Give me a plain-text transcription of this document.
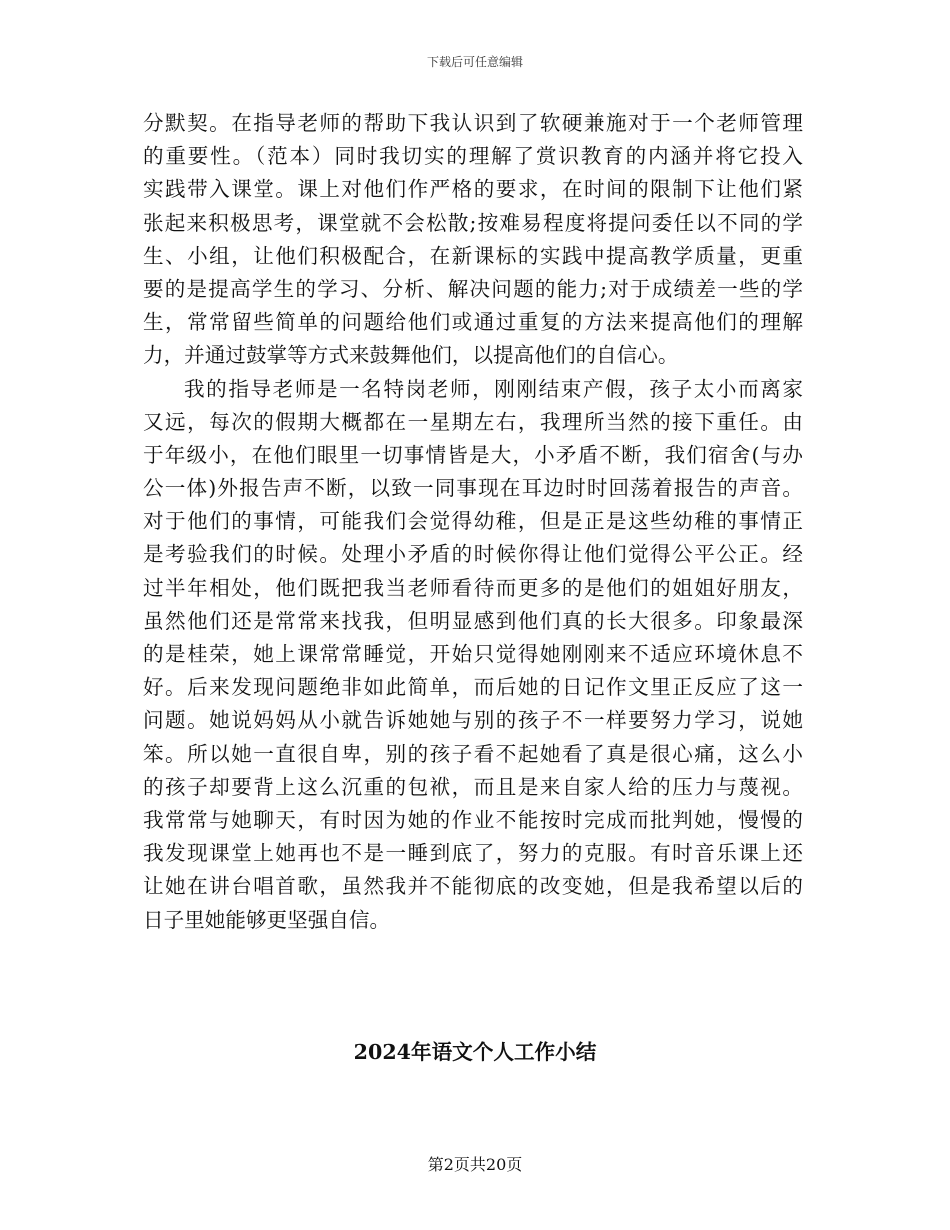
下载后可任意编辑
分默契。在指导老师的帮助下我认识到了软硬兼施对于一个老师管理
的重要性。（范本）同时我切实的理解了赏识教育的内涵并将它投入
实践带入课堂。课上对他们作严格的要求，在时间的限制下让他们紧
张起来积极思考，课堂就不会松散;按难易程度将提问委任以不同的学
生、小组，让他们积极配合，在新课标的实践中提高教学质量，更重
要的是提高学生的学习、分析、解决问题的能力;对于成绩差一些的学
生，常常留些简单的问题给他们或通过重复的方法来提高他们的理解
力，并通过鼓掌等方式来鼓舞他们，以提高他们的自信心。
我的指导老师是一名特岗老师，刚刚结束产假，孩子太小而离家
又远，每次的假期大概都在一星期左右，我理所当然的接下重任。由
于年级小，在他们眼里一切事情皆是大，小矛盾不断，我们宿舍(与办
公一体)外报告声不断，以致一同事现在耳边时时回荡着报告的声音。
对于他们的事情，可能我们会觉得幼稚，但是正是这些幼稚的事情正
是考验我们的时候。处理小矛盾的时候你得让他们觉得公平公正。经
过半年相处，他们既把我当老师看待而更多的是他们的姐姐好朋友，
虽然他们还是常常来找我，但明显感到他们真的长大很多。印象最深
的是桂荣，她上课常常睡觉，开始只觉得她刚刚来不适应环境休息不
好。后来发现问题绝非如此简单，而后她的日记作文里正反应了这一
问题。她说妈妈从小就告诉她她与别的孩子不一样要努力学习，说她
笨。所以她一直很自卑，别的孩子看不起她看了真是很心痛，这么小
的孩子却要背上这么沉重的包袱，而且是来自家人给的压力与蔑视。
我常常与她聊天，有时因为她的作业不能按时完成而批判她，慢慢的
我发现课堂上她再也不是一睡到底了，努力的克服。有时音乐课上还
让她在讲台唱首歌，虽然我并不能彻底的改变她，但是我希望以后的
日子里她能够更坚强自信。
2024年语文个人工作小结
第2页共20页
